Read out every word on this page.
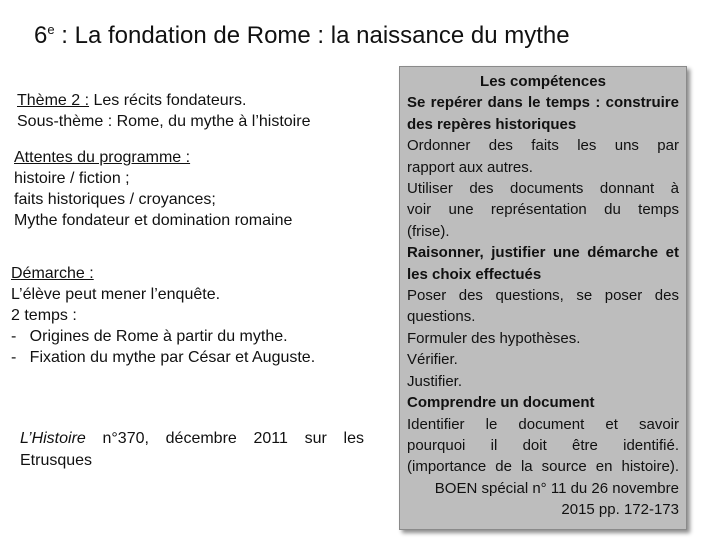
6e : La fondation de Rome : la naissance du mythe
Thème 2 : Les récits fondateurs.
Sous-thème : Rome, du mythe à l’histoire
Attentes du programme :
histoire / fiction ;
faits historiques / croyances;
Mythe fondateur et domination romaine
Démarche :
L’élève peut mener l’enquête.
2 temps :
-   Origines de Rome à partir du mythe.
-   Fixation du mythe par César et Auguste.
L’Histoire n°370, décembre 2011 sur les
Etrusques
Les compétences
Se repérer dans le temps : construire
des repères historiques
Ordonner des faits les uns par
rapport aux autres.
Utiliser des documents donnant à
voir une représentation du temps
(frise).
Raisonner, justifier une démarche et
les choix effectués
Poser des questions, se poser des
questions.
Formuler des hypothèses.
Vérifier.
Justifier.
Comprendre un document
Identifier le document et savoir
pourquoi il doit être identifié.
(importance de la source en histoire).
BOEN spécial n° 11 du 26 novembre
2015 pp. 172-173
